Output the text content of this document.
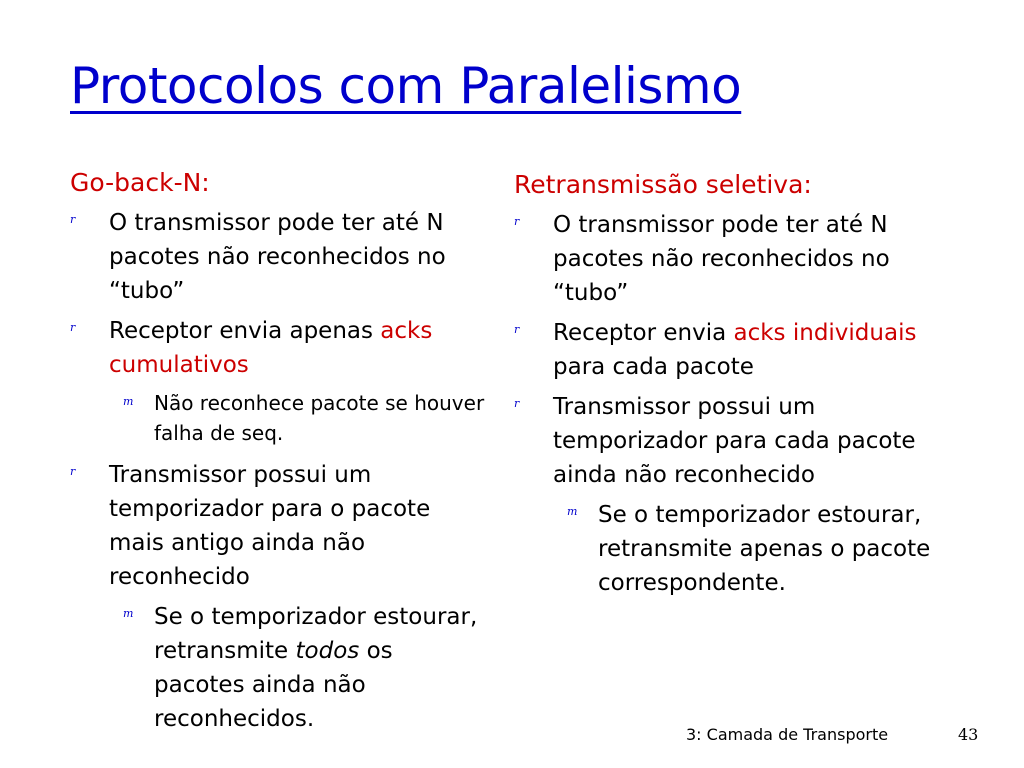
Protocolos com Paralelismo
Go-back-N:
r O transmissor pode ter até N pacotes não reconhecidos no “tubo”
r Receptor envia apenas acks cumulativos
m Não reconhece pacote se houver falha de seq.
r Transmissor possui um temporizador para o pacote mais antigo ainda não reconhecido
m Se o temporizador estourar, retransmite todos os pacotes ainda não reconhecidos.
Retransmissão seletiva:
r O transmissor pode ter até N pacotes não reconhecidos no “tubo”
r Receptor envia acks individuais para cada pacote
r Transmissor possui um temporizador para cada pacote ainda não reconhecido
m Se o temporizador estourar, retransmite apenas o pacote correspondente.
3: Camada de Transporte	43
